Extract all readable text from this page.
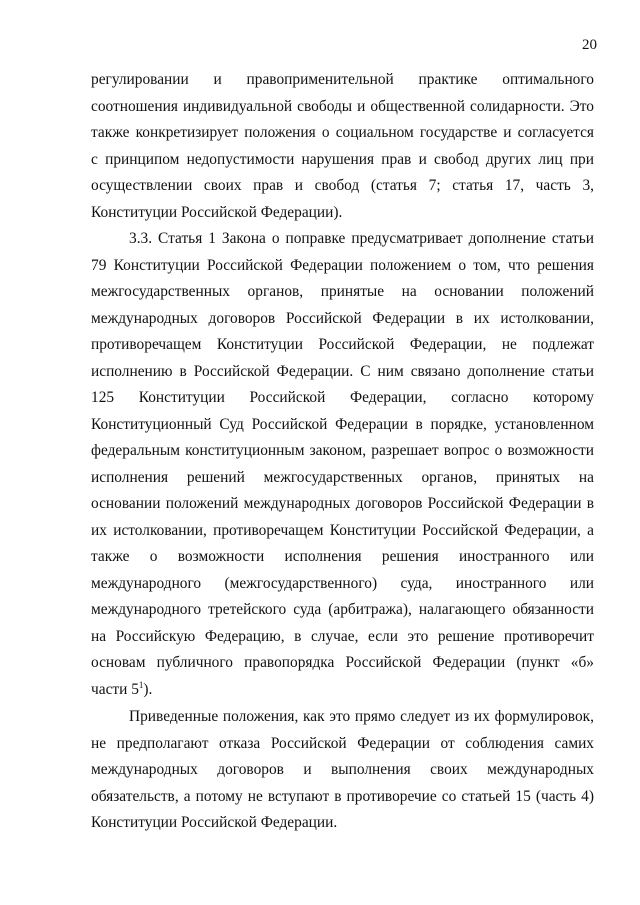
20
регулировании и правоприменительной практике оптимального
соотношения индивидуальной свободы и общественной солидарности. Это
также конкретизирует положения о социальном государстве и согласуется
с принципом недопустимости нарушения прав и свобод других лиц при
осуществлении своих прав и свобод (статья 7; статья 17, часть 3,
Конституции Российской Федерации).
3.3. Статья 1 Закона о поправке предусматривает дополнение статьи
79 Конституции Российской Федерации положением о том, что решения
межгосударственных органов, принятые на основании положений
международных договоров Российской Федерации в их истолковании,
противоречащем Конституции Российской Федерации, не подлежат
исполнению в Российской Федерации. С ним связано дополнение статьи
125 Конституции Российской Федерации, согласно которому
Конституционный Суд Российской Федерации в порядке, установленном
федеральным конституционным законом, разрешает вопрос о возможности
исполнения решений межгосударственных органов, принятых на
основании положений международных договоров Российской Федерации в
их истолковании, противоречащем Конституции Российской Федерации, а
также о возможности исполнения решения иностранного или
международного (межгосударственного) суда, иностранного или
международного третейского суда (арбитража), налагающего обязанности
на Российскую Федерацию, в случае, если это решение противоречит
основам публичного правопорядка Российской Федерации (пункт «б»
части $5^1$).
Приведенные положения, как это прямо следует из их формулировок,
не предполагают отказа Российской Федерации от соблюдения самих
международных договоров и выполнения своих международных
обязательств, а потому не вступают в противоречие со статьей 15 (часть 4)
Конституции Российской Федерации.
